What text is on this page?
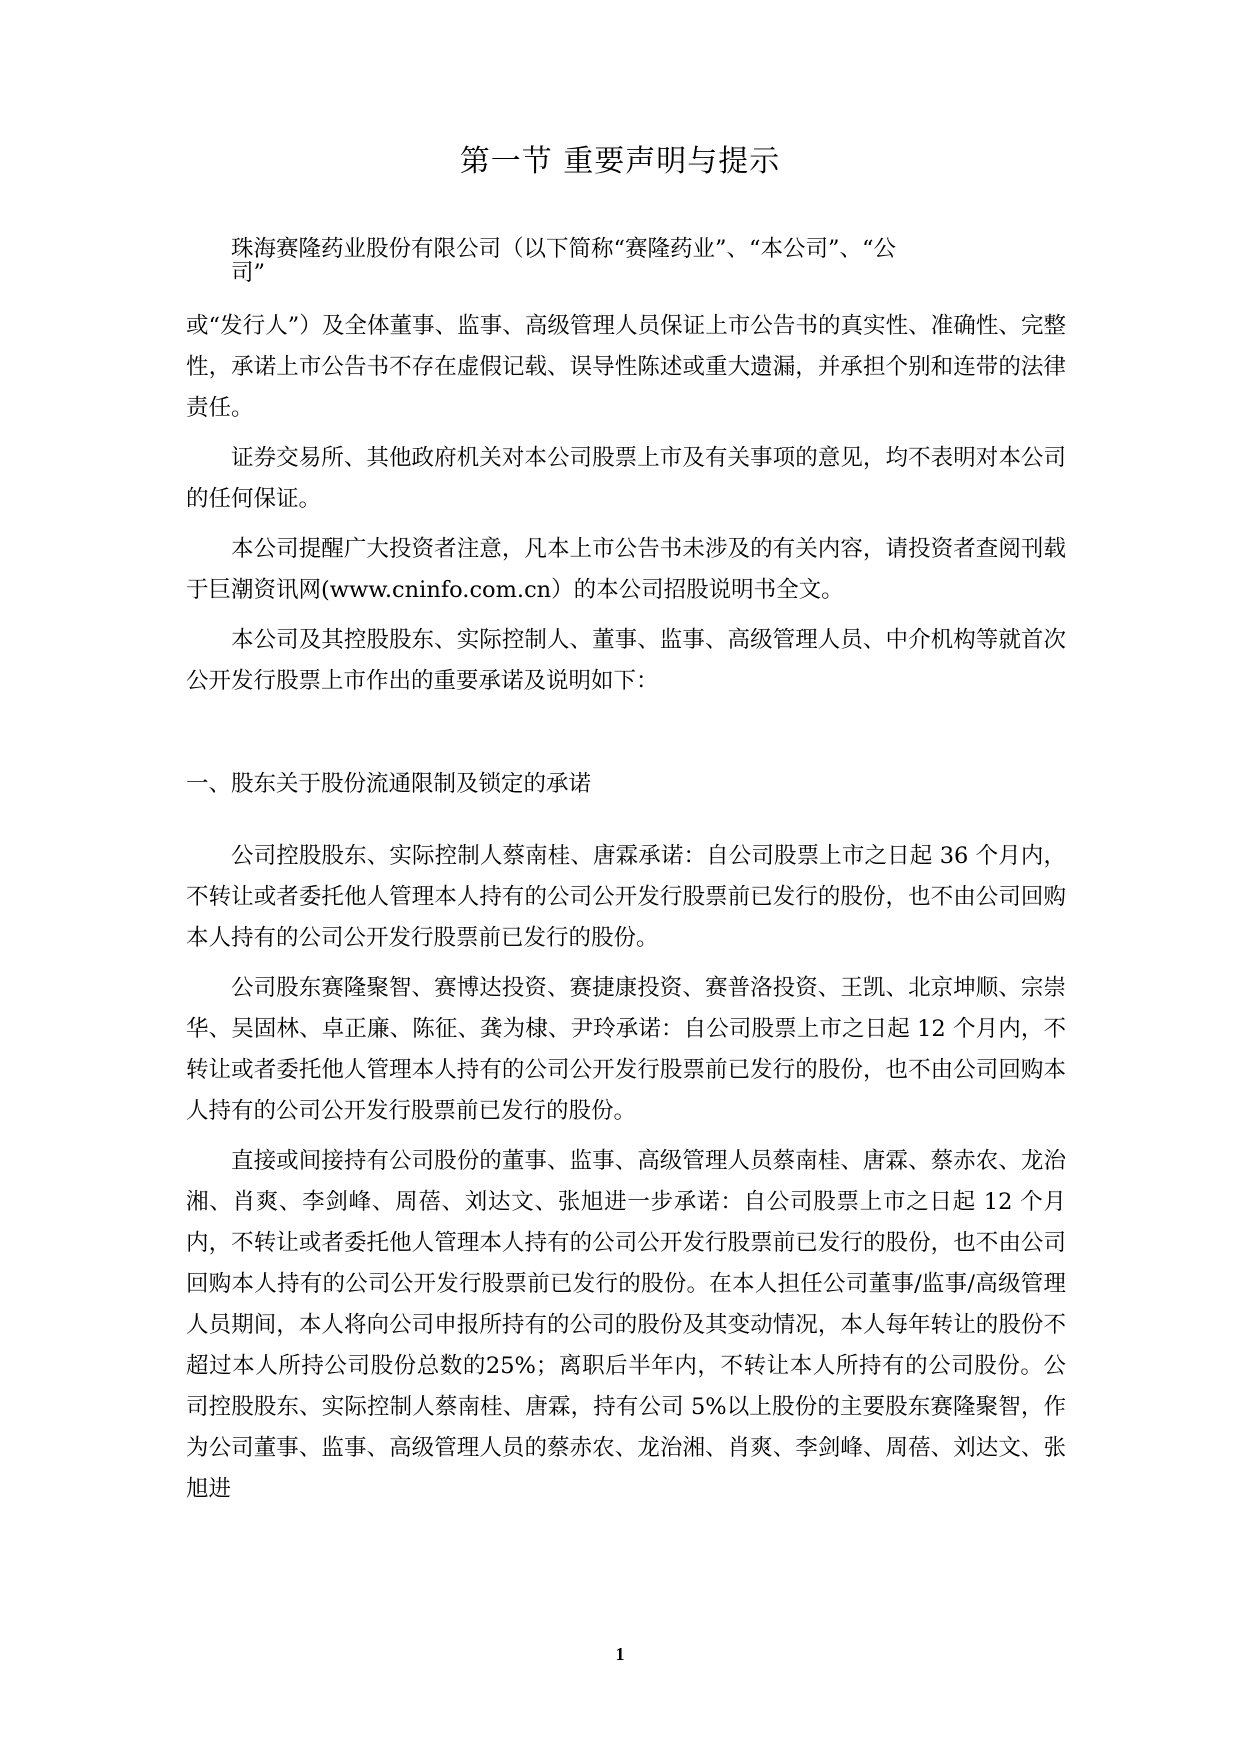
第一节 重要声明与提示

珠海赛隆药业股份有限公司（以下简称“赛隆药业”、“本公司”、“公

司”

或“发行人”）及全体董事、监事、高级管理人员保证上市公告书的真实性、准确性、完整性，承诺上市公告书不存在虚假记载、误导性陈述或重大遗漏，并承担个别和连带的法律责任。

证券交易所、其他政府机关对本公司股票上市及有关事项的意见，均不表明对本公司的任何保证。

本公司提醒广大投资者注意，凡本上市公告书未涉及的有关内容，请投资者查阅刊载于巨潮资讯网(www.cninfo.com.cn）的本公司招股说明书全文。

本公司及其控股股东、实际控制人、董事、监事、高级管理人员、中介机构等就首次公开发行股票上市作出的重要承诺及说明如下：

一、股东关于股份流通限制及锁定的承诺

公司控股股东、实际控制人蔡南桂、唐霖承诺：自公司股票上市之日起 36 个月内，不转让或者委托他人管理本人持有的公司公开发行股票前已发行的股份，也不由公司回购本人持有的公司公开发行股票前已发行的股份。

公司股东赛隆聚智、赛博达投资、赛捷康投资、赛普洛投资、王凯、北京坤顺、宗崇华、吴固林、卓正廉、陈征、龚为棣、尹玲承诺：自公司股票上市之日起 12 个月内，不转让或者委托他人管理本人持有的公司公开发行股票前已发行的股份，也不由公司回购本人持有的公司公开发行股票前已发行的股份。

直接或间接持有公司股份的董事、监事、高级管理人员蔡南桂、唐霖、蔡赤农、龙治湘、肖爽、李剑峰、周蓓、刘达文、张旭进一步承诺：自公司股票上市之日起 12 个月内，不转让或者委托他人管理本人持有的公司公开发行股票前已发行的股份，也不由公司回购本人持有的公司公开发行股票前已发行的股份。在本人担任公司董事/监事/高级管理人员期间，本人将向公司申报所持有的公司的股份及其变动情况，本人每年转让的股份不超过本人所持公司股份总数的25%；离职后半年内，不转让本人所持有的公司股份。公司控股股东、实际控制人蔡南桂、唐霖，持有公司 5%以上股份的主要股东赛隆聚智，作为公司董事、监事、高级管理人员的蔡赤农、龙治湘、肖爽、李剑峰、周蓓、刘达文、张旭进

1
